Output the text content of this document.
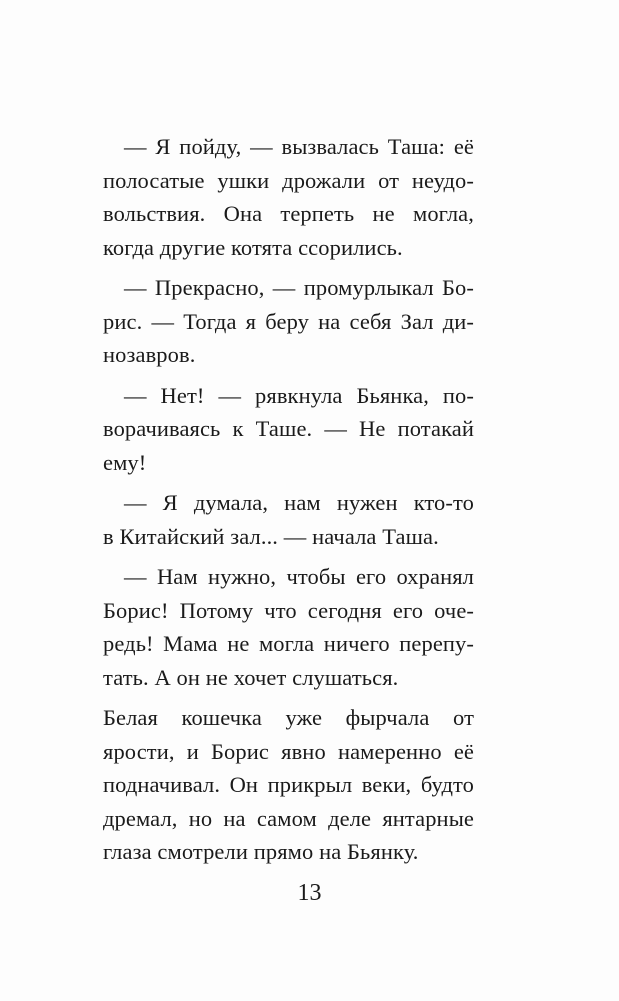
— Я пойду, — вызвалась Таша: её
полосатые ушки дрожали от неудо-
вольствия. Она терпеть не могла,
когда другие котята ссорились.

— Прекрасно, — промурлыкал Бо-
рис. — Тогда я беру на себя Зал ди-
нозавров.

— Нет! — рявкнула Бьянка, по-
ворачиваясь к Таше. — Не потакай
ему!

— Я думала, нам нужен кто-то
в Китайский зал... — начала Таша.

— Нам нужно, чтобы его охранял
Борис! Потому что сегодня его оче-
редь! Мама не могла ничего перепу-
тать. А он не хочет слушаться.

Белая кошечка уже фырчала от
ярости, и Борис явно намеренно её
подначивал. Он прикрыл веки, будто
дремал, но на самом деле янтарные
глаза смотрели прямо на Бьянку.

13
